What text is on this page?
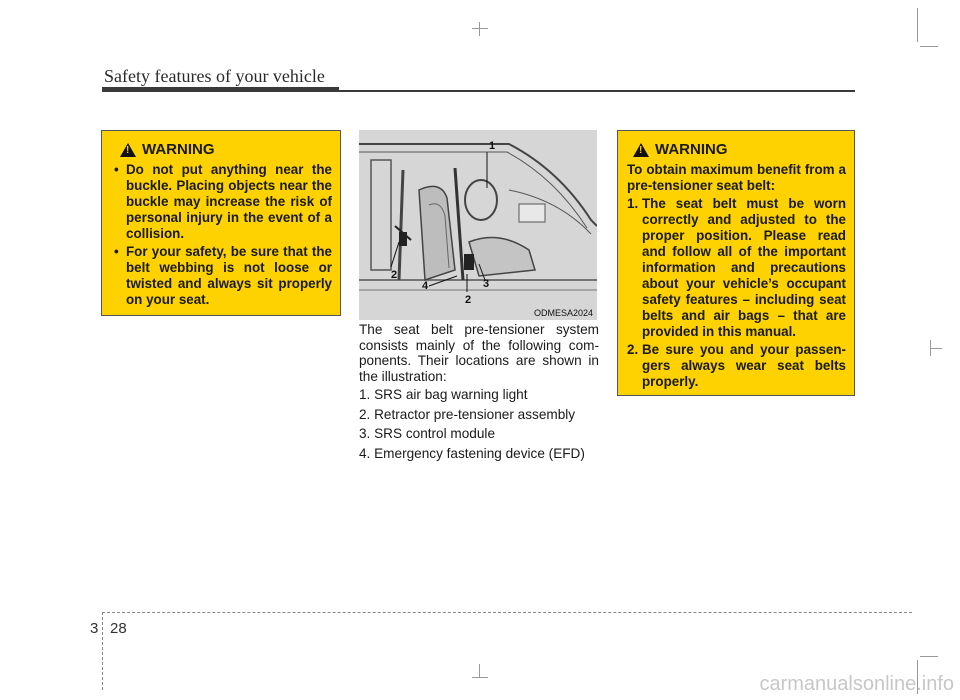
Safety features of your vehicle
!
WARNING
• Do not put anything near the buckle. Placing objects near the buckle may increase the risk of personal injury in the event of a collision.
• For your safety, be sure that the belt webbing is not loose or twisted and always sit properly on your seat.
1
2
4	3
2
ODMESA2024
The seat belt pre-tensioner system consists mainly of the following com- ponents. Their locations are shown in the illustration:
1. SRS air bag warning light
2. Retractor pre-tensioner assembly
3. SRS control module
4. Emergency fastening device (EFD)
!
WARNING
To obtain maximum benefit from a pre-tensioner seat belt:
1. The seat belt must be worn correctly and adjusted to the proper position. Please read and follow all of the important information and precautions about your vehicle’s occupant safety features – including seat belts and air bags – that are provided in this manual.
2. Be sure you and your passen- gers always wear seat belts properly.
3 28
carmanualsonline.info
